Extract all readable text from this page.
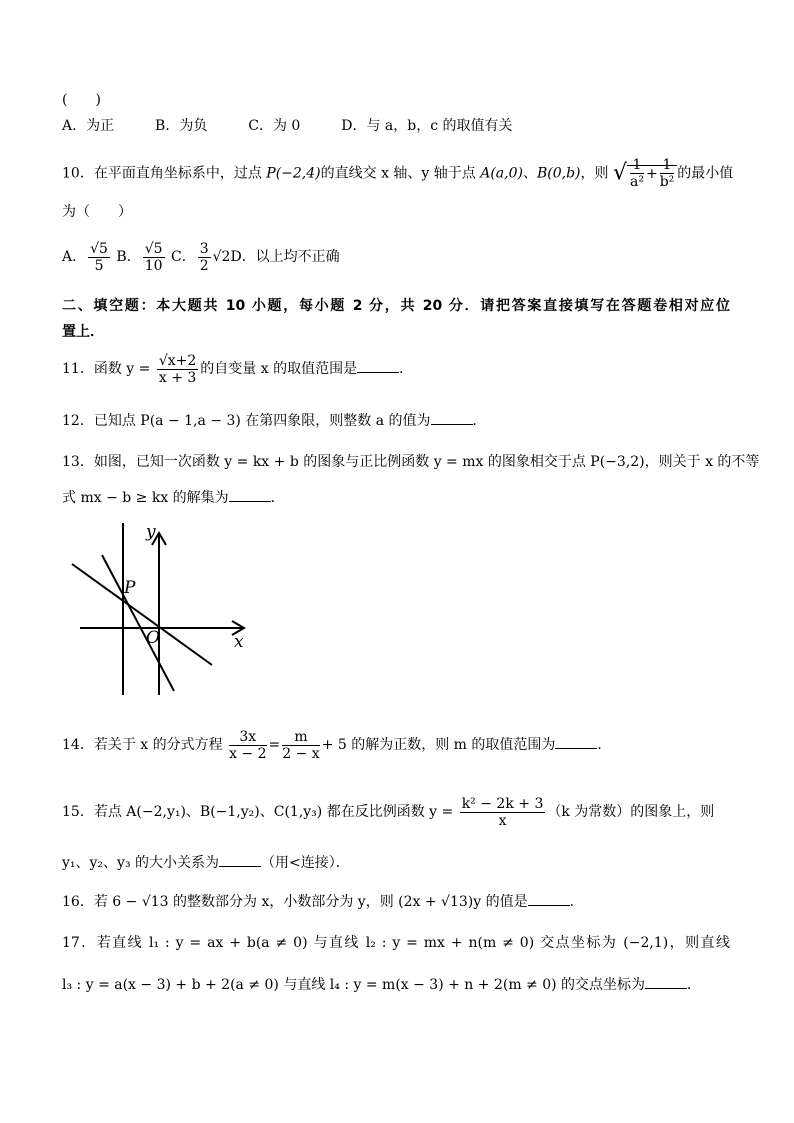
(　　)
A．为正	B．为负	C．为 0	D．与 a，b，c 的取值有关
10．在平面直角坐标系中，过点 P(−2,4)的直线交 x 轴、y 轴于点 A(a,0)、B(0,b)，则 √ $\frac{1}{\text{a²}} + \frac{1}{\text{b²}}$ 的最小值
为（　　）
A． $\frac{√5}{5}$ B． $\frac{√5}{10}$ C． $\frac{3}{2} √2D$．以上均不正确
二、填空题：本大题共 10 小题，每小题 2 分，共 20 分．请把答案直接填写在答题卷相对应位
置上．
11．函数 $y = \frac{√x+2}{x + 3}$ 的自变量 x 的取值范围是	．
12．已知点 P(a − 1,a − 3) 在第四象限，则整数 a 的值为	．
13．如图，已知一次函数 y = kx + b 的图象与正比例函数 y = mx 的图象相交于点 P(−3,2)，则关于 x 的不等
式 mx − b ≥ kx 的解集为	．
y
x
P
O
14．若关于 x 的分式方程 $\frac{3x}{x - 2} = \frac{m}{2 - x} + 5$ 的解为正数，则 m 的取值范围为	．
15．若点 A(−2,y₁)、B(−1,y₂)、C(1,y₃) 都在反比例函数 $y = \frac{\text{k² − 2k + 3}}{x} (k$ 为常数）的图象上，则
y₁、y₂、y₃ 的大小关系为	（用<连接）．
16．若 6 − √13 的整数部分为 x，小数部分为 y，则 (2x + √13)y 的值是	．
17．若直线 l₁ : y = ax + b(a ≠ 0) 与直线 l₂ : y = mx + n(m ≠ 0) 交点坐标为 (−2,1)，则直线
l₃ : y = a(x − 3) + b + 2(a ≠ 0) 与直线 l₄ : y = m(x − 3) + n + 2(m ≠ 0) 的交点坐标为	．
